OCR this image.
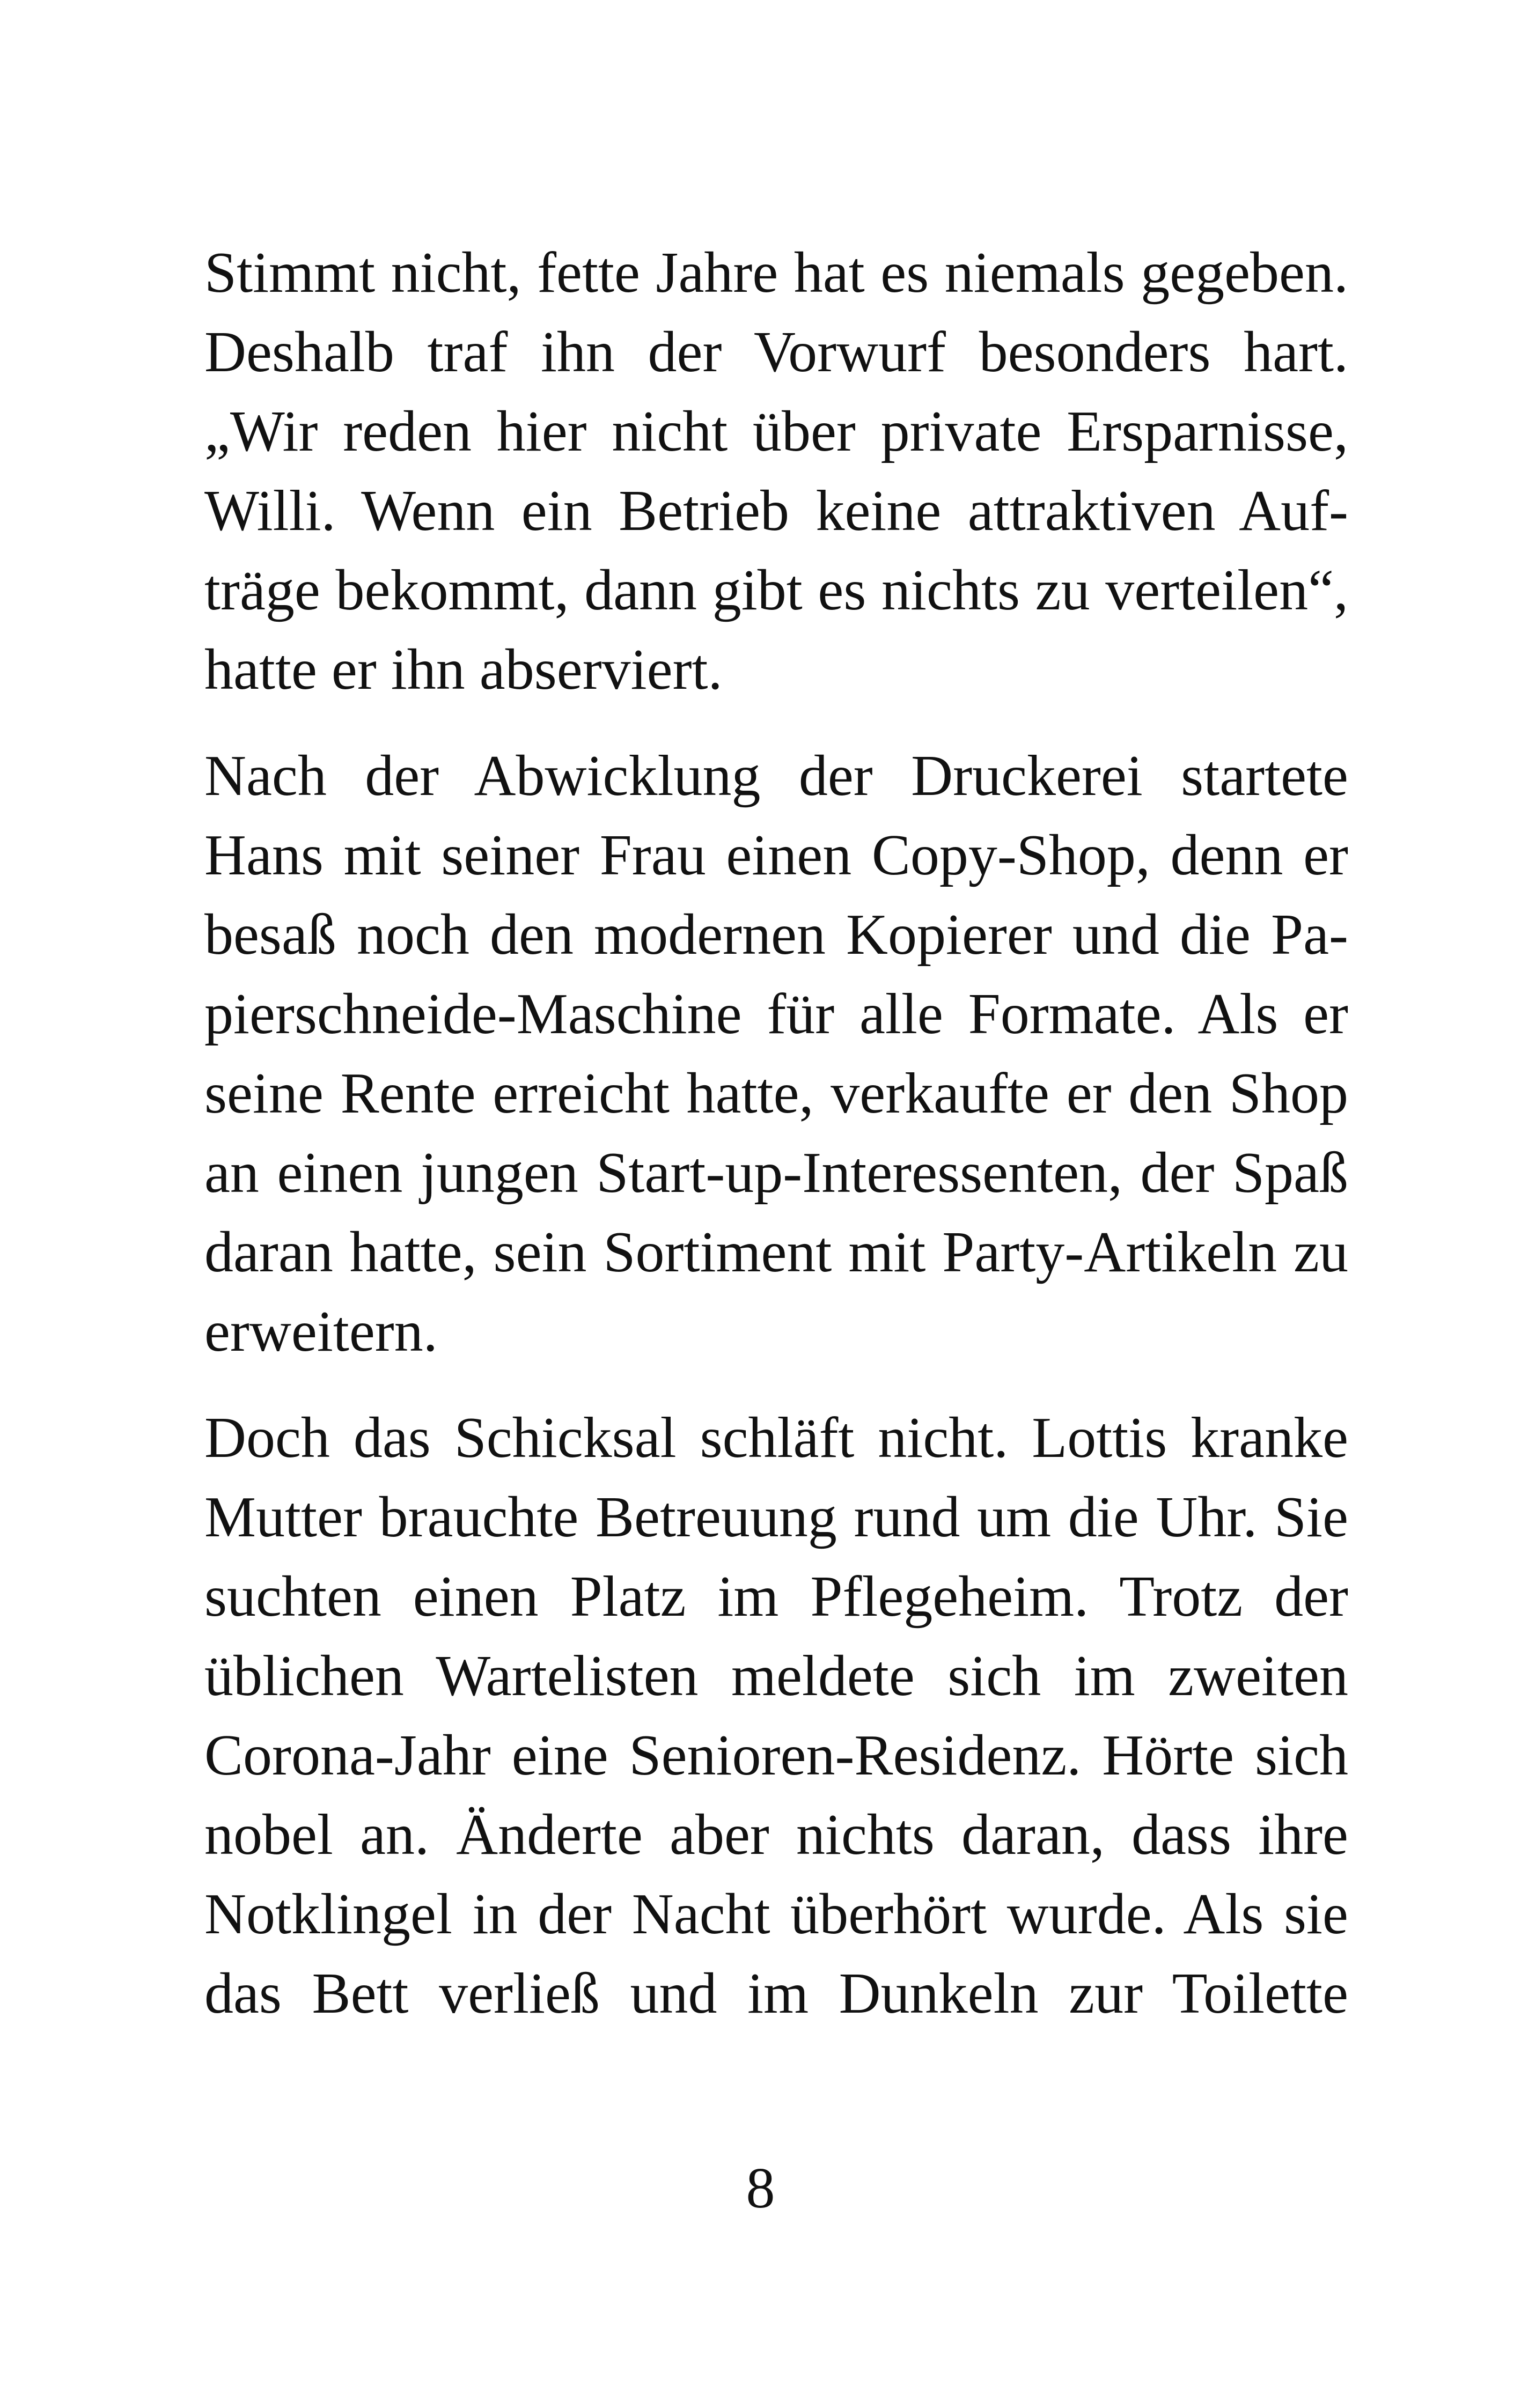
Stimmt nicht, fette Jahre hat es niemals gegeben.
Deshalb traf ihn der Vorwurf besonders hart.
„Wir reden hier nicht über private Ersparnisse,
Willi. Wenn ein Betrieb keine attraktiven Auf-
träge bekommt, dann gibt es nichts zu verteilen“,
hatte er ihn abserviert.

Nach der Abwicklung der Druckerei startete
Hans mit seiner Frau einen Copy-Shop, denn er
besaß noch den modernen Kopierer und die Pa-
pierschneide-Maschine für alle Formate. Als er
seine Rente erreicht hatte, verkaufte er den Shop
an einen jungen Start-up-Interessenten, der Spaß
daran hatte, sein Sortiment mit Party-Artikeln zu
erweitern.

Doch das Schicksal schläft nicht. Lottis kranke
Mutter brauchte Betreuung rund um die Uhr. Sie
suchten einen Platz im Pflegeheim. Trotz der
üblichen Wartelisten meldete sich im zweiten
Corona-Jahr eine Senioren-Residenz. Hörte sich
nobel an. Änderte aber nichts daran, dass ihre
Notklingel in der Nacht überhört wurde. Als sie
das Bett verließ und im Dunkeln zur Toilette

8
